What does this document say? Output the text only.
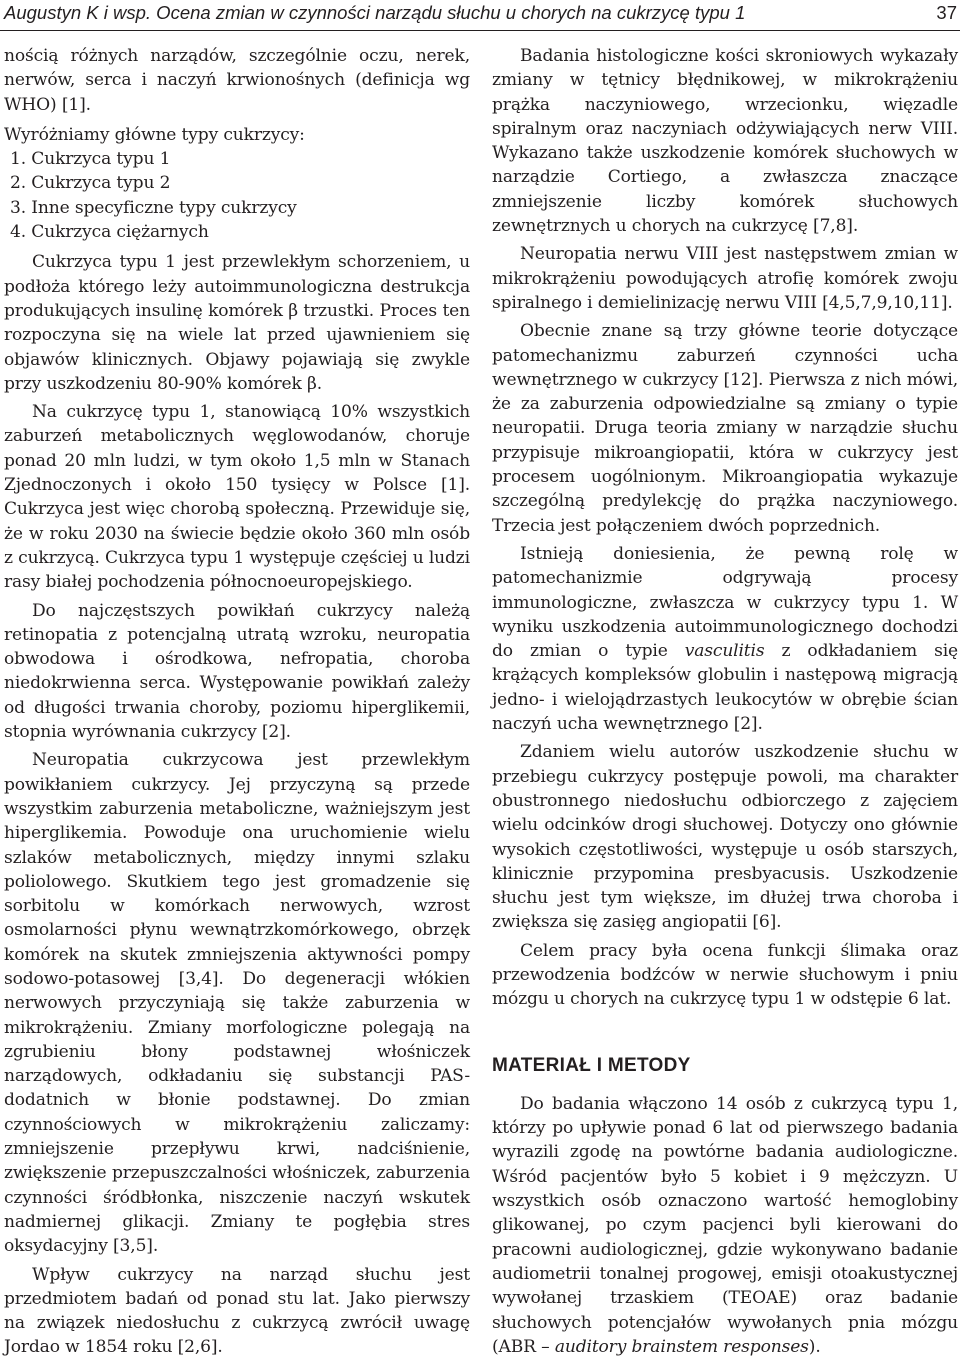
Augustyn K i wsp. Ocena zmian w czynności narządu słuchu u chorych na cukrzycę typu 1	37

nością różnych narządów, szczególnie oczu, nerek, nerwów, serca i naczyń krwionośnych (definicja wg WHO) [1].

Wyróżniamy główne typy cukrzycy:

1. Cukrzyca typu 1
2. Cukrzyca typu 2
3. Inne specyficzne typy cukrzycy
4. Cukrzyca ciężarnych

Cukrzyca typu 1 jest przewlekłym schorzeniem, u podłoża którego leży autoimmunologiczna destrukcja produkujących insulinę komórek β trzustki. Proces ten rozpoczyna się na wiele lat przed ujawnieniem się objawów klinicznych. Objawy pojawiają się zwykle przy uszkodzeniu 80-90% komórek β.

Na cukrzycę typu 1, stanowiącą 10% wszystkich zaburzeń metabolicznych węglowodanów, choruje ponad 20 mln ludzi, w tym około 1,5 mln w Stanach Zjednoczonych i około 150 tysięcy w Polsce [1]. Cukrzyca jest więc chorobą społeczną. Przewiduje się, że w roku 2030 na świecie będzie około 360 mln osób z cukrzycą. Cukrzyca typu 1 występuje częściej u ludzi rasy białej pochodzenia północnoeuropejskiego.

Do najczęstszych powikłań cukrzycy należą retinopatia z potencjalną utratą wzroku, neuropatia obwodowa i ośrodkowa, nefropatia, choroba niedokrwienna serca. Występowanie powikłań zależy od długości trwania choroby, poziomu hiperglikemii, stopnia wyrównania cukrzycy [2].

Neuropatia cukrzycowa jest przewlekłym powikłaniem cukrzycy. Jej przyczyną są przede wszystkim zaburzenia metaboliczne, ważniejszym jest hiperglikemia. Powoduje ona uruchomienie wielu szlaków metabolicznych, między innymi szlaku poliolowego. Skutkiem tego jest gromadzenie się sorbitolu w komórkach nerwowych, wzrost osmolarności płynu wewnątrzkomórkowego, obrzęk komórek na skutek zmniejszenia aktywności pompy sodowo-potasowej [3,4]. Do degeneracji włókien nerwowych przyczyniają się także zaburzenia w mikrokrążeniu. Zmiany morfologiczne polegają na zgrubieniu błony podstawnej włośniczek narządowych, odkładaniu się substancji PAS-dodatnich w błonie podstawnej. Do zmian czynnościowych w mikrokrążeniu zaliczamy: zmniejszenie przepływu krwi, nadciśnienie, zwiększenie przepuszczalności włośniczek, zaburzenia czynności śródbłonka, niszczenie naczyń wskutek nadmiernej glikacji. Zmiany te pogłębia stres oksydacyjny [3,5].

Wpływ cukrzycy na narząd słuchu jest przedmiotem badań od ponad stu lat. Jako pierwszy na związek niedosłuchu z cukrzycą zwrócił uwagę Jordao w 1854 roku [2,6].

Badania histologiczne kości skroniowych wykazały zmiany w tętnicy błędnikowej, w mikrokrążeniu prążka naczyniowego, wrzecionku, więzadle spiralnym oraz naczyniach odżywiających nerw VIII. Wykazano także uszkodzenie komórek słuchowych w narządzie Cortiego, a zwłaszcza znaczące zmniejszenie liczby komórek słuchowych zewnętrznych u chorych na cukrzycę [7,8].

Neuropatia nerwu VIII jest następstwem zmian w mikrokrążeniu powodujących atrofię komórek zwoju spiralnego i demielinizację nerwu VIII [4,5,7,9,10,11].

Obecnie znane są trzy główne teorie dotyczące patomechanizmu zaburzeń czynności ucha wewnętrznego w cukrzycy [12]. Pierwsza z nich mówi, że za zaburzenia odpowiedzialne są zmiany o typie neuropatii. Druga teoria zmiany w narządzie słuchu przypisuje mikroangiopatii, która w cukrzycy jest procesem uogólnionym. Mikroangiopatia wykazuje szczególną predylekcję do prążka naczyniowego. Trzecia jest połączeniem dwóch poprzednich.

Istnieją doniesienia, że pewną rolę w patomechanizmie odgrywają procesy immunologiczne, zwłaszcza w cukrzycy typu 1. W wyniku uszkodzenia autoimmunologicznego dochodzi do zmian o typie vasculitis z odkładaniem się krążących kompleksów globulin i następową migracją jedno- i wielojądrzastych leukocytów w obrębie ścian naczyń ucha wewnętrznego [2].

Zdaniem wielu autorów uszkodzenie słuchu w przebiegu cukrzycy postępuje powoli, ma charakter obustronnego niedosłuchu odbiorczego z zajęciem wielu odcinków drogi słuchowej. Dotyczy ono głównie wysokich częstotliwości, występuje u osób starszych, klinicznie przypomina presbyacusis. Uszkodzenie słuchu jest tym większe, im dłużej trwa choroba i zwiększa się zasięg angiopatii [6].

Celem pracy była ocena funkcji ślimaka oraz przewodzenia bodźców w nerwie słuchowym i pniu mózgu u chorych na cukrzycę typu 1 w odstępie 6 lat.

MATERIAŁ I METODY

Do badania włączono 14 osób z cukrzycą typu 1, którzy po upływie ponad 6 lat od pierwszego badania wyrazili zgodę na powtórne badania audiologiczne. Wśród pacjentów było 5 kobiet i 9 mężczyzn. U wszystkich osób oznaczono wartość hemoglobiny glikowanej, po czym pacjenci byli kierowani do pracowni audiologicznej, gdzie wykonywano badanie audiometrii tonalnej progowej, emisji otoakustycznej wywołanej trzaskiem (TEOAE) oraz badanie słuchowych potencjałów wywołanych pnia mózgu (ABR – auditory brainstem responses).
